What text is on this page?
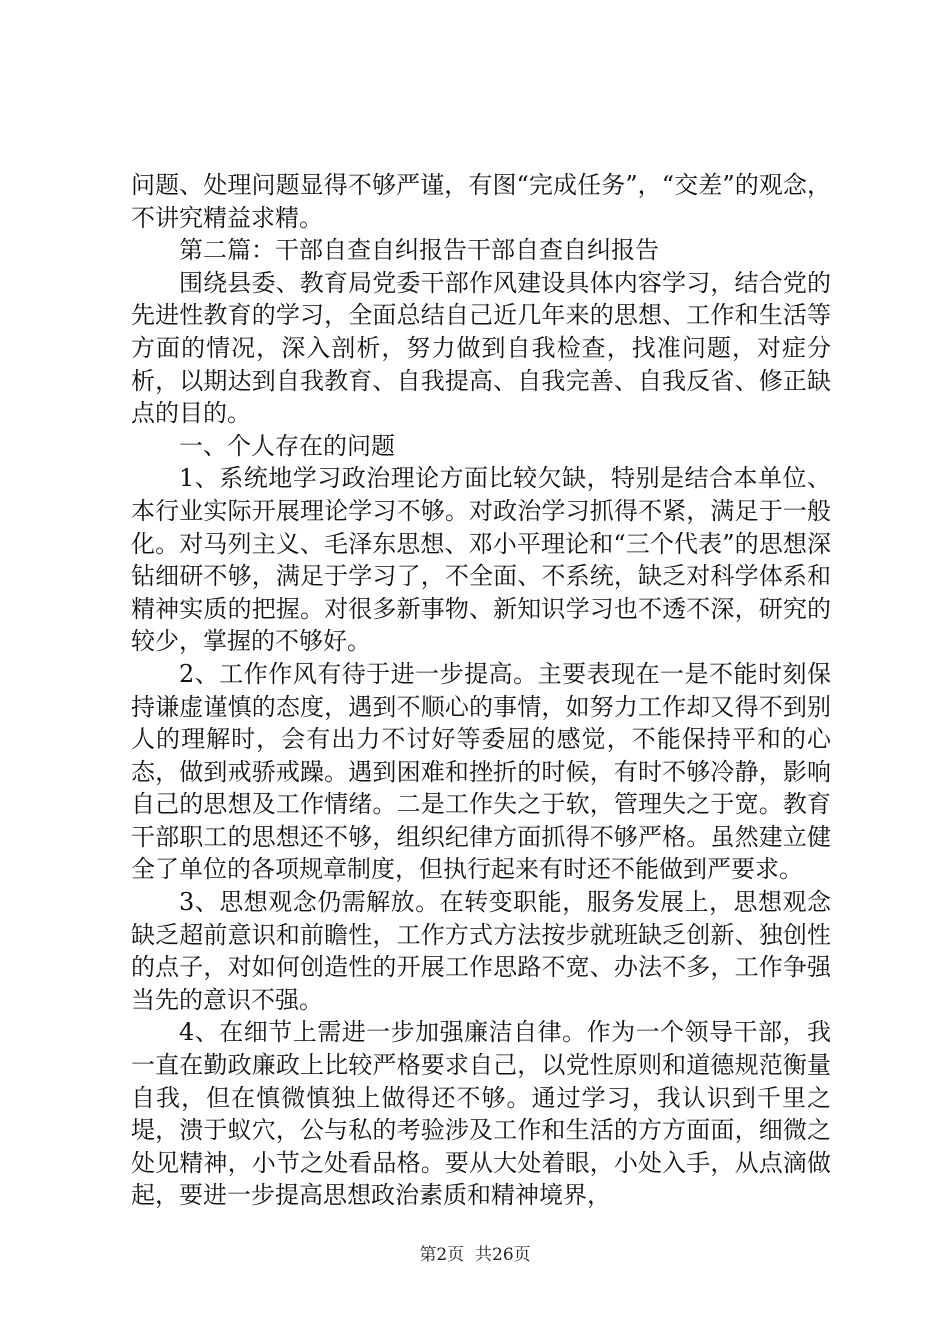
问题、处理问题显得不够严谨，有图“完成任务”，“交差”的观念，不讲究精益求精。

第二篇：干部自查自纠报告干部自查自纠报告

围绕县委、教育局党委干部作风建设具体内容学习，结合党的先进性教育的学习，全面总结自己近几年来的思想、工作和生活等方面的情况，深入剖析，努力做到自我检查，找准问题，对症分析，以期达到自我教育、自我提高、自我完善、自我反省、修正缺点的目的。

一、个人存在的问题

1、系统地学习政治理论方面比较欠缺，特别是结合本单位、本行业实际开展理论学习不够。对政治学习抓得不紧，满足于一般化。对马列主义、毛泽东思想、邓小平理论和“三个代表”的思想深钻细研不够，满足于学习了，不全面、不系统，缺乏对科学体系和精神实质的把握。对很多新事物、新知识学习也不透不深，研究的较少，掌握的不够好。

2、工作作风有待于进一步提高。主要表现在一是不能时刻保持谦虚谨慎的态度，遇到不顺心的事情，如努力工作却又得不到别人的理解时，会有出力不讨好等委屈的感觉，不能保持平和的心态，做到戒骄戒躁。遇到困难和挫折的时候，有时不够冷静，影响自己的思想及工作情绪。二是工作失之于软，管理失之于宽。教育干部职工的思想还不够，组织纪律方面抓得不够严格。虽然建立健全了单位的各项规章制度，但执行起来有时还不能做到严要求。

3、思想观念仍需解放。在转变职能，服务发展上，思想观念缺乏超前意识和前瞻性，工作方式方法按步就班缺乏创新、独创性的点子，对如何创造性的开展工作思路不宽、办法不多，工作争强当先的意识不强。

4、在细节上需进一步加强廉洁自律。作为一个领导干部，我一直在勤政廉政上比较严格要求自己，以党性原则和道德规范衡量自我，但在慎微慎独上做得还不够。通过学习，我认识到千里之堤，溃于蚁穴，公与私的考验涉及工作和生活的方方面面，细微之处见精神，小节之处看品格。要从大处着眼，小处入手，从点滴做起，要进一步提高思想政治素质和精神境界，

第2页 共26页
